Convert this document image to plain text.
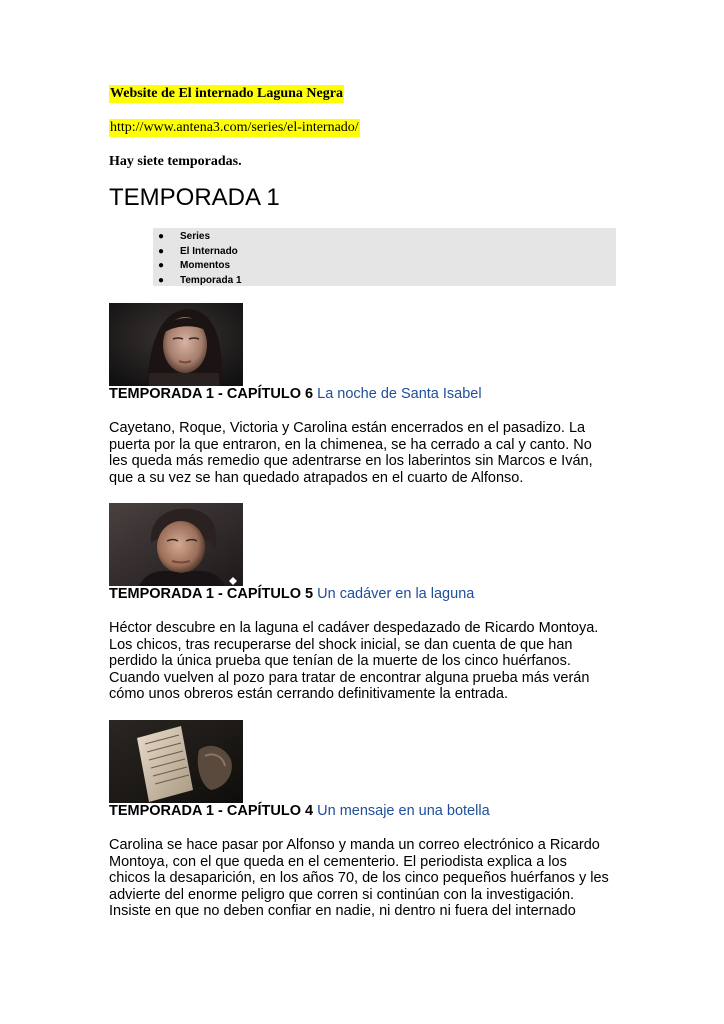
Website de El internado Laguna Negra
http://www.antena3.com/series/el-internado/
Hay siete temporadas.
TEMPORADA 1
● Series
● El Internado
● Momentos
● Temporada 1
TEMPORADA 1 - CAPÍTULO 6 La noche de Santa Isabel
Cayetano, Roque, Victoria y Carolina están encerrados en el pasadizo. La
puerta por la que entraron, en la chimenea, se ha cerrado a cal y canto. No
les queda más remedio que adentrarse en los laberintos sin Marcos e Iván,
que a su vez se han quedado atrapados en el cuarto de Alfonso.
TEMPORADA 1 - CAPÍTULO 5 Un cadáver en la laguna
Héctor descubre en la laguna el cadáver despedazado de Ricardo Montoya.
Los chicos, tras recuperarse del shock inicial, se dan cuenta de que han
perdido la única prueba que tenían de la muerte de los cinco huérfanos.
Cuando vuelven al pozo para tratar de encontrar alguna prueba más verán
cómo unos obreros están cerrando definitivamente la entrada.
TEMPORADA 1 - CAPÍTULO 4 Un mensaje en una botella
Carolina se hace pasar por Alfonso y manda un correo electrónico a Ricardo
Montoya, con el que queda en el cementerio. El periodista explica a los
chicos la desaparición, en los años 70, de los cinco pequeños huérfanos y les
advierte del enorme peligro que corren si continúan con la investigación.
Insiste en que no deben confiar en nadie, ni dentro ni fuera del internado
